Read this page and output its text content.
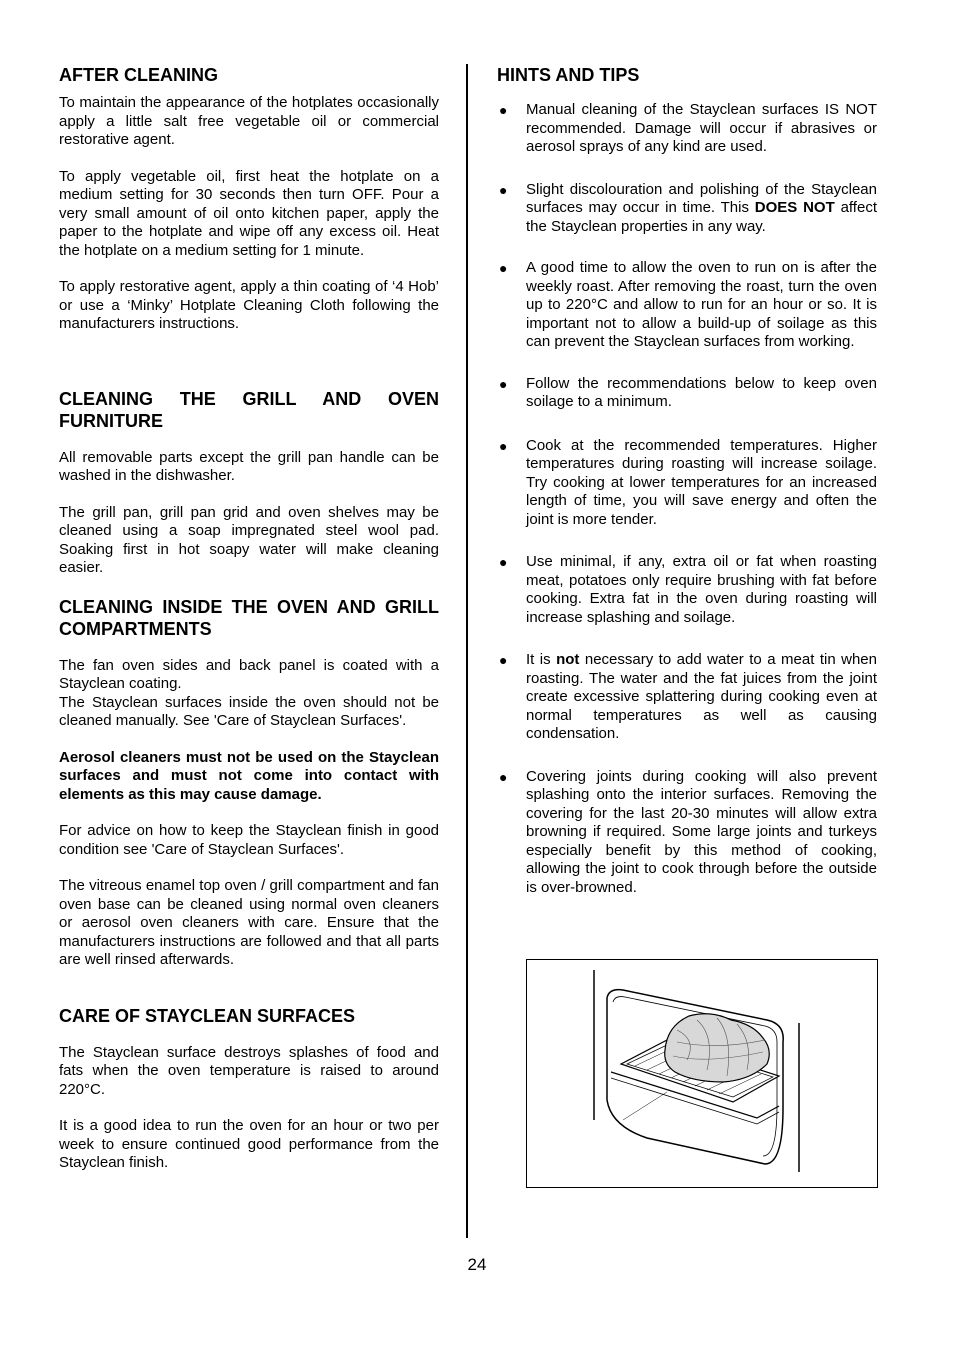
AFTER CLEANING

To maintain the appearance of the hotplates occasionally apply a little salt free vegetable oil or commercial restorative agent.

To apply vegetable oil, first heat the hotplate on a medium setting for 30 seconds then turn OFF. Pour a very small amount of oil onto kitchen paper, apply the paper to the hotplate and wipe off any excess oil. Heat the hotplate on a medium setting for 1 minute.

To apply restorative agent, apply a thin coating of ‘4 Hob’ or use a ‘Minky’ Hotplate Cleaning Cloth following the manufacturers instructions.

CLEANING THE GRILL AND OVEN FURNITURE

All removable parts except the grill pan handle can be washed in the dishwasher.

The grill pan, grill pan grid and oven shelves may be cleaned using a soap impregnated steel wool pad. Soaking first in hot soapy water will make cleaning easier.

CLEANING INSIDE THE OVEN AND GRILL COMPARTMENTS

The fan oven sides and back panel is coated with a Stayclean coating.

The Stayclean surfaces inside the oven should not be cleaned manually. See 'Care of Stayclean Surfaces'.

Aerosol cleaners must not be used on the Stayclean surfaces and must not come into contact with elements as this may cause damage.

For advice on how to keep the Stayclean finish in good condition see 'Care of Stayclean Surfaces'.

The vitreous enamel top oven / grill compartment and fan oven base can be cleaned using normal oven cleaners or aerosol oven cleaners with care. Ensure that the manufacturers instructions are followed and that all parts are well rinsed afterwards.

CARE OF STAYCLEAN SURFACES

The Stayclean surface destroys splashes of food and fats when the oven temperature is raised to around 220°C.

It is a good idea to run the oven for an hour or two per week to ensure continued good performance from the Stayclean finish.

HINTS AND TIPS
● Manual cleaning of the Stayclean surfaces IS NOT recommended. Damage will occur if abrasives or aerosol sprays of any kind are used.
● Slight discolouration and polishing of the Stayclean surfaces may occur in time. This DOES NOT affect the Stayclean properties in any way.
● A good time to allow the oven to run on is after the weekly roast. After removing the roast, turn the oven up to 220°C and allow to run for an hour or so. It is important not to allow a build-up of soilage as this can prevent the Stayclean surfaces from working.
● Follow the recommendations below to keep oven soilage to a minimum.
● Cook at the recommended temperatures. Higher temperatures during roasting will increase soilage. Try cooking at lower temperatures for an increased length of time, you will save energy and often the joint is more tender.
● Use minimal, if any, extra oil or fat when roasting meat, potatoes only require brushing with fat before cooking. Extra fat in the oven during roasting will increase splashing and soilage.
● It is not necessary to add water to a meat tin when roasting. The water and the fat juices from the joint create excessive splattering during cooking even at normal temperatures as well as causing condensation.
● Covering joints during cooking will also prevent splashing onto the interior surfaces. Removing the covering for the last 20-30 minutes will allow extra browning if required. Some large joints and turkeys especially benefit by this method of cooking, allowing the joint to cook through before the outside is over-browned.
24
